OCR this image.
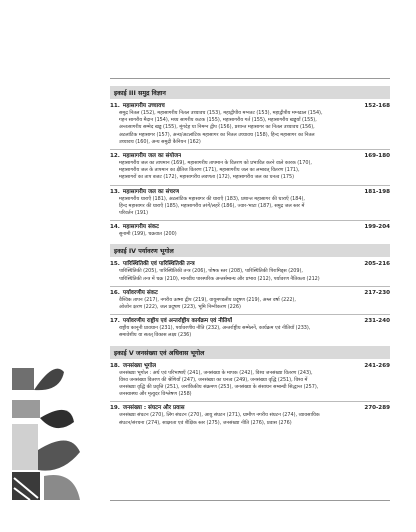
इकाई III समुद्र विज्ञान
11. महासागरीय उच्चावच	152-168
समुद्र नितल (152), महासागरीय नितल उच्चावच (153), महाद्वीपीय मग्नतट (153), महाद्वीपीय मग्नढाल (154),
गहन सागरीय मैदान (154), मध्य सागरीय कटक (155), महासागरीय गर्त (155), महासागरीय खड्डयाँ (155),
अन्तःसागरीय सम्मेद खड्ड (155), मूंगदेह या निमग्न द्वीप (156), प्रशान्त महासागर का नितल उच्चावच (156),
अटलांटिक महासागर (157), अन्ध/अटलांटिक महासागर का नितल उच्चावच (158), हिन्द महासागर का नितल
उच्चावच (160), अन्य समुद्री कैनियन (162)
12. महासागरीय जल का संयोजन	169-180
महासागरीय जल का तापमान (169), महासागरीय तापमान के वितरण को प्रभावित करने वाले कारक (170),
महासागरीय जल के तापमान का क्षैतिज वितरण (171), महासागरीय जल का लम्बवत् वितरण (171),
महासागरों का ताप बजट (172), महासागरीय लवणता (172), महासागरीय जल का घनत्व (175)
13. महासागरीय जल का संचरण	181-198
महासागरीय धाराएँ (181), अटलांटिक महासागर की धाराएँ (183), प्रशान्त महासागर की धाराएँ (184),
हिन्द महासागर की धाराएँ (185), महासागरीय तरंगें/लहरें (186), ज्वार-भाटा (187), समुद्र जल स्तर में
परिवर्तन (191)
14. महासागरीय संकट	199-204
सुनामी (199), चक्रवात (200)
इकाई IV पर्यावरण भूगोल
15. पारिस्थितिकी एवं पारिस्थितिकी तन्त्र	205-216
पारिस्थितिकी (205), पारिस्थितिकी तन्त्र (206), पोषक स्तर (208), पारिस्थितिकी पिरामिड्स (209),
पारिस्थितिकी तन्त्र में चक्र (210), मानवीय पारस्परिक अन्तर्सम्बन्ध और प्रभाव (212), पर्यावरण नैतिकता (212)
16. पर्यावरणीय संकट	217-230
वैश्विक तापन (217), नगरीय ऊष्मा द्वीप (219), वायुमण्डलीय प्रदूषण (219), अम्ल वर्षा (222),
ओजोन क्षरण (222), जल प्रदूषण (223), भूमि निम्नीकरण (226)
17. पर्यावरणीय राष्ट्रीय एवं अन्तर्राष्ट्रीय कार्यक्रम एवं नीतियाँ	231-240
राष्ट्रीय कानूनी प्रावधान (231), पर्यावरणीय नीति (232), अन्तर्राष्ट्रीय सम्मेलनें, कार्यक्रम एवं नीतियाँ (233),
समावेशीय या सतत् विकास लक्ष्य (236)
इकाई V जनसंख्या एवं अधिवास भूगोल
18. जनसंख्या भूगोल	241-269
जनसंख्या भूगोल : अर्थ एवं परिभाषाएँ (241), जनसंख्या के मापक (242), विश्व जनसंख्या वितरण (243),
विश्व जनसंख्या वितरण की श्रेणियाँ (247), जनसंख्या का घनत्व (249), जनसंख्या वृद्धि (251), विश्व में
जनसंख्या वृद्धि की प्रवृत्ति (251), जनांकिकीय संक्रमण (253), जनसंख्या के संसाधन सम्बन्धी सिद्धान्त (257),
जनस्वास्थ्य और मृत्युदर विश्लेषण (258)
19. जनसंख्या : संघटन और प्रवास	270-289
जनसंख्या संघटन (270), लिंग संघटन (270), आयु संघटन (271), ग्रामीण नगरीय संघटन (274), व्यावसायिक
संघटन/संरचना (274), साक्षरता एवं शैक्षिक स्तर (275), जनसंख्या नीति (276), प्रवास (276)
